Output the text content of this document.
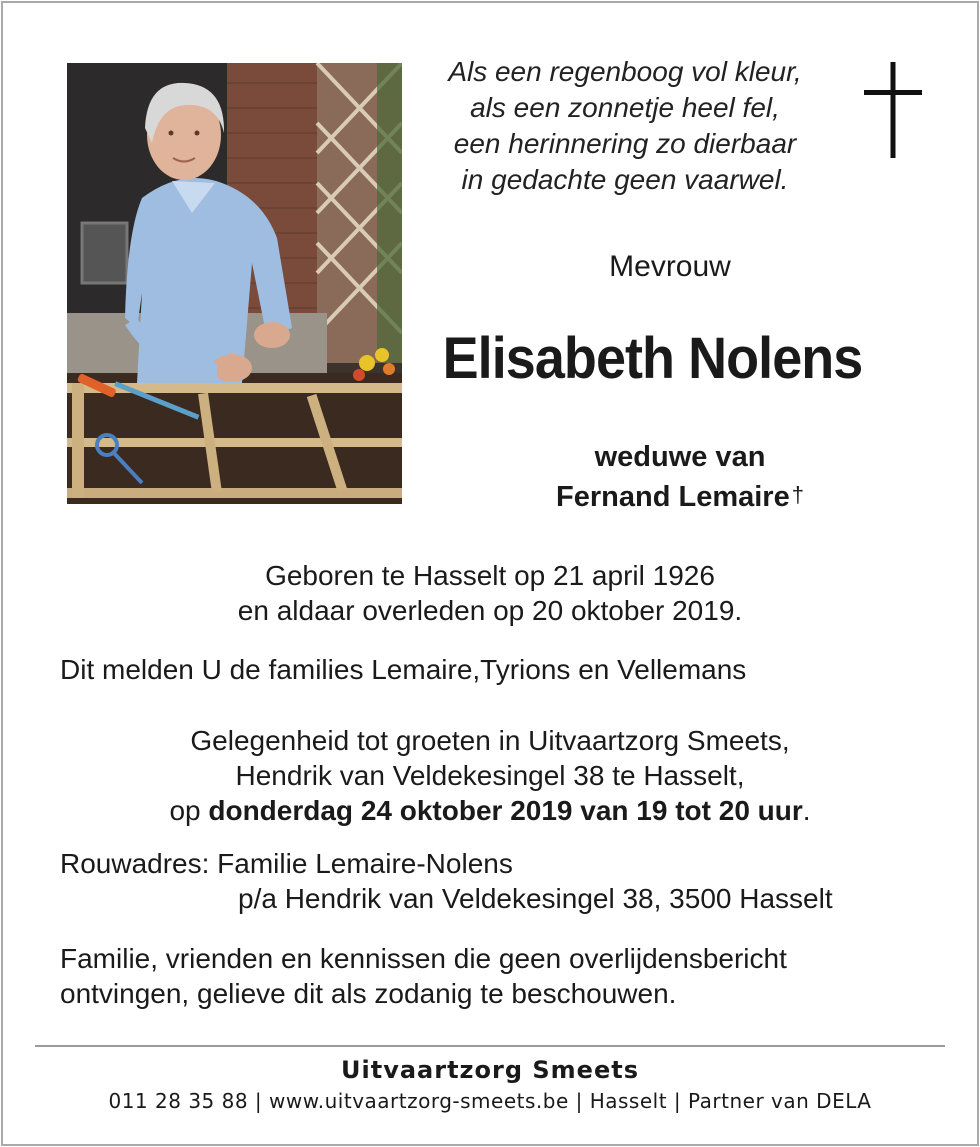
Als een regenboog vol kleur,
als een zonnetje heel fel,
een herinnering zo dierbaar
in gedachte geen vaarwel.
Mevrouw
Elisabeth Nolens
weduwe van
Fernand Lemaire†
Geboren te Hasselt op 21 april 1926
en aldaar overleden op 20 oktober 2019.
Dit melden U de families Lemaire,Tyrions en Vellemans
Gelegenheid tot groeten in Uitvaartzorg Smeets,
Hendrik van Veldekesingel 38 te Hasselt,
op donderdag 24 oktober 2019 van 19 tot 20 uur.
Rouwadres: Familie Lemaire-Nolens
p/a Hendrik van Veldekesingel 38, 3500 Hasselt
Familie, vrienden en kennissen die geen overlijdensbericht
ontvingen, gelieve dit als zodanig te beschouwen.
Uitvaartzorg Smeets
011 28 35 88 | www.uitvaartzorg-smeets.be | Hasselt | Partner van DELA
